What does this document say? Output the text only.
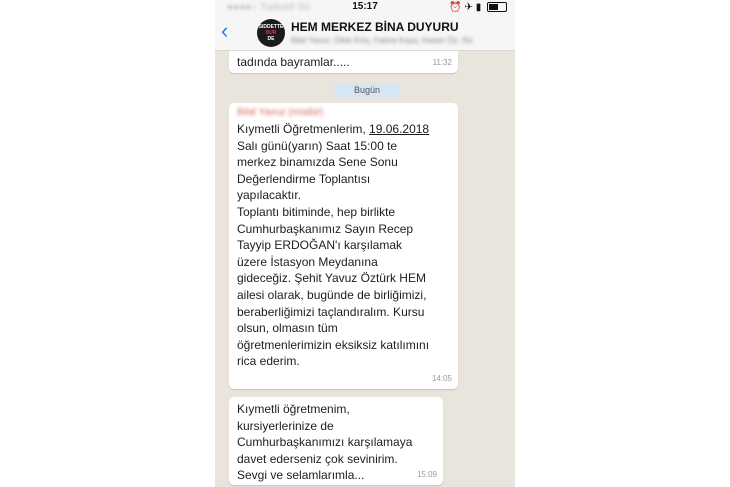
●●●●○ Turkcell 3G	15:17	⏰ ✈ ▮
‹	SIDDETTE
DUR
DE
HEM MERKEZ BİNA DUYURU
Bilal Yavuz, Dilek Kılıç, Fatma Kaya, Hasan Öz, Siz
tadında bayramlar.....	11:32
Bugün
Bilal Yavuz (müdür)
Kıymetli Öğretmenlerim, 19.06.2018
Salı günü(yarın) Saat 15:00 te
merkez binamızda Sene Sonu
Değerlendirme Toplantısı
yapılacaktır.
Toplantı bitiminde, hep birlikte
Cumhurbaşkanımız Sayın Recep
Tayyip ERDOĞAN'ı karşılamak
üzere İstasyon Meydanına
gideceğiz. Şehit Yavuz Öztürk HEM
ailesi olarak, bugünde de birliğimizi,
beraberliğimizi taçlandıralım. Kursu
olsun, olmasın tüm
öğretmenlerimizin eksiksiz katılımını
rica ederim.
14:05
Kıymetli öğretmenim,
kursiyerlerinize de
Cumhurbaşkanımızı karşılamaya
davet ederseniz çok sevinirim.
Sevgi ve selamlarımla...	15:09
